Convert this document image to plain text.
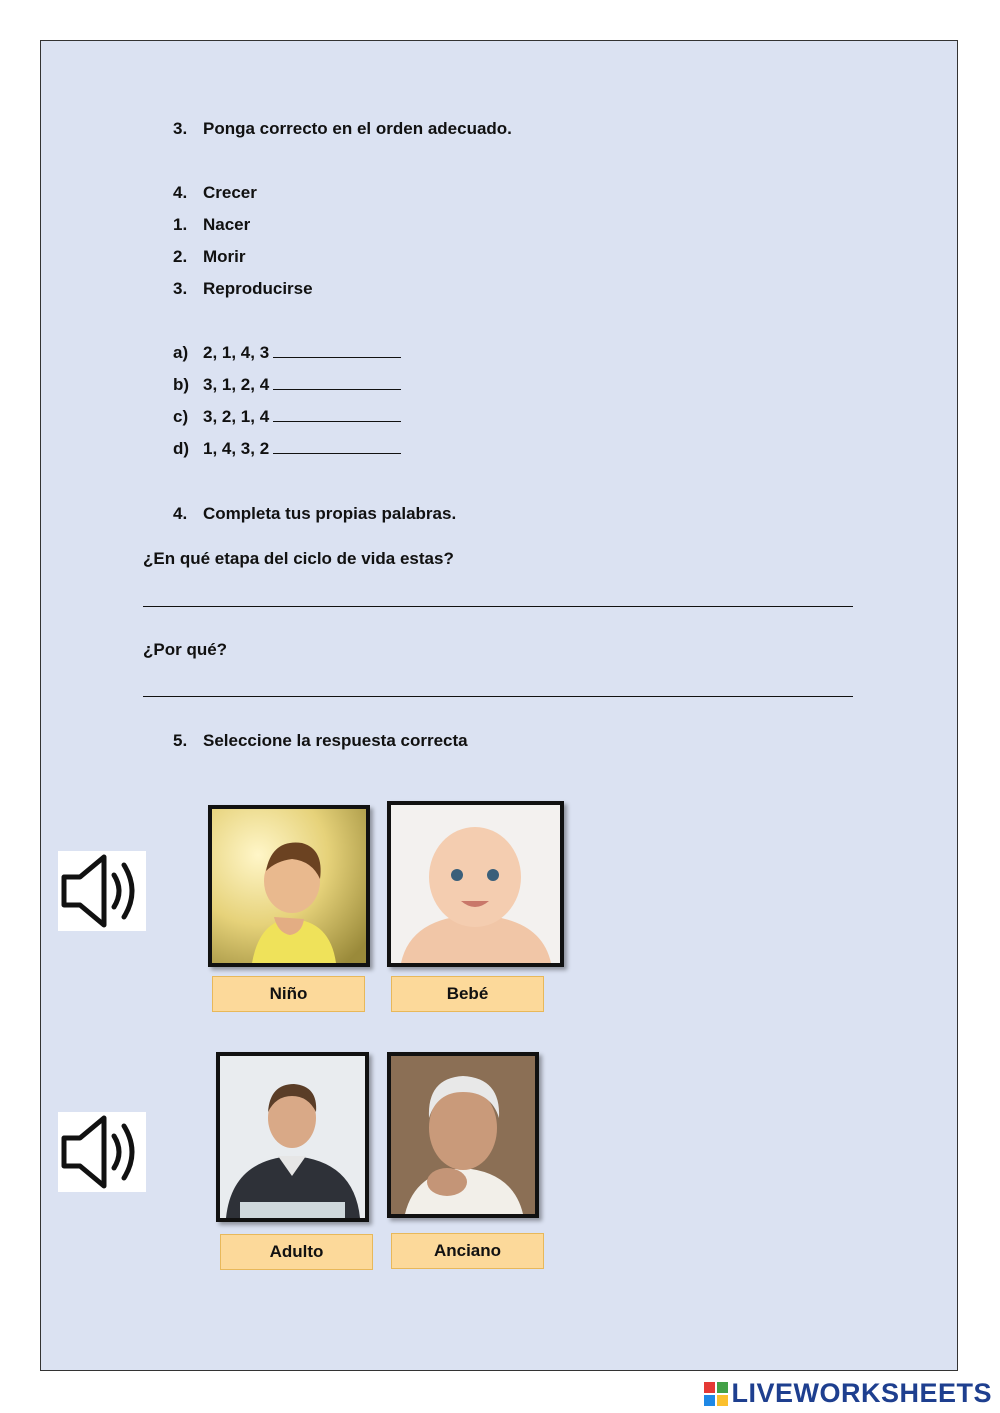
3. Ponga correcto en el orden adecuado.
4. Crecer
1. Nacer
2. Morir
3. Reproducirse
a) 2, 1, 4, 3
b) 3, 1, 2, 4
c) 3, 2, 1, 4
d) 1, 4, 3, 2
4. Completa tus propias palabras.
¿En qué etapa del ciclo de vida estas?
¿Por qué?
5. Seleccione la respuesta correcta
Niño	Bebé
Adulto	Anciano
LIVEWORKSHEETS
